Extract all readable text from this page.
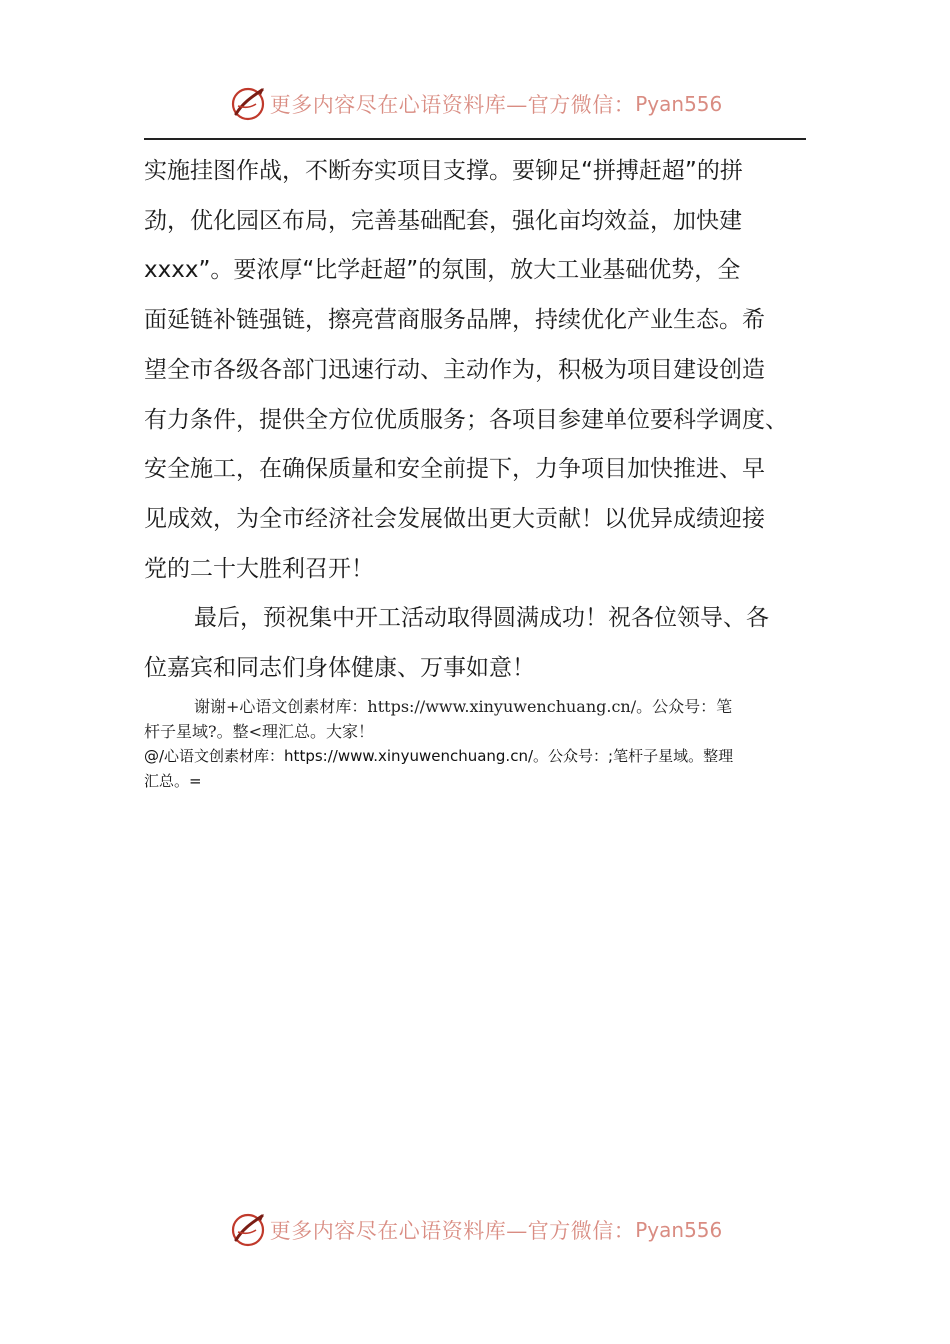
更多内容尽在心语资料库—官方微信： Pyan556

实施挂图作战，不断夯实项目支撑。要铆足“拼搏赶超”的拼

劲，优化园区布局，完善基础配套，强化亩均效益，加快建

xxxx”。要浓厚“比学赶超”的氛围，放大工业基础优势，全

面延链补链强链，擦亮营商服务品牌，持续优化产业生态。希

望全市各级各部门迅速行动、主动作为，积极为项目建设创造

有力条件，提供全方位优质服务；各项目参建单位要科学调度、

安全施工，在确保质量和安全前提下，力争项目加快推进、早

见成效，为全市经济社会发展做出更大贡献！以优异成绩迎接

党的二十大胜利召开！

最后，预祝集中开工活动取得圆满成功！祝各位领导、各

位嘉宾和同志们身体健康、万事如意！

谢谢+心语文创素材库：https://www.xinyuwenchuang.cn/。公众号：笔

杆子星域?。整<理汇总。大家！

@/心语文创素材库：https://www.xinyuwenchuang.cn/。公众号：;笔杆子星域。整理

汇总。=

更多内容尽在心语资料库—官方微信： Pyan556
